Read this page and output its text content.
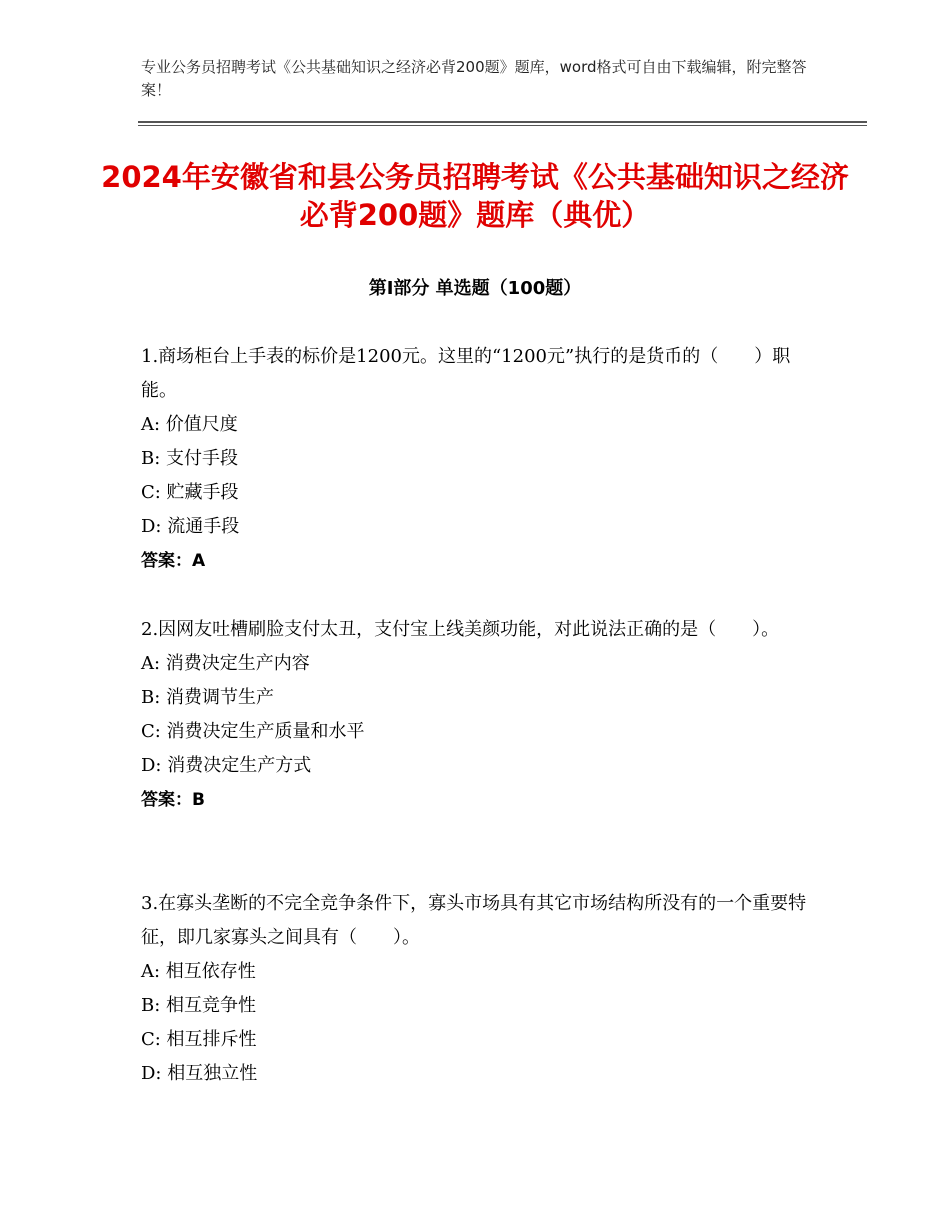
专业公务员招聘考试《公共基础知识之经济必背200题》题库，word格式可自由下载编辑，附完整答案！
2024年安徽省和县公务员招聘考试《公共基础知识之经济必背200题》题库（典优）
第I部分 单选题（100题）
1.商场柜台上手表的标价是1200元。这里的“1200元”执行的是货币的（　　）职能。
A: 价值尺度
B: 支付手段
C: 贮藏手段
D: 流通手段
答案：A
2.因网友吐槽刷脸支付太丑，支付宝上线美颜功能，对此说法正确的是（　　）。
A: 消费决定生产内容
B: 消费调节生产
C: 消费决定生产质量和水平
D: 消费决定生产方式
答案：B
3.在寡头垄断的不完全竞争条件下，寡头市场具有其它市场结构所没有的一个重要特征，即几家寡头之间具有（　　）。
A: 相互依存性
B: 相互竞争性
C: 相互排斥性
D: 相互独立性
